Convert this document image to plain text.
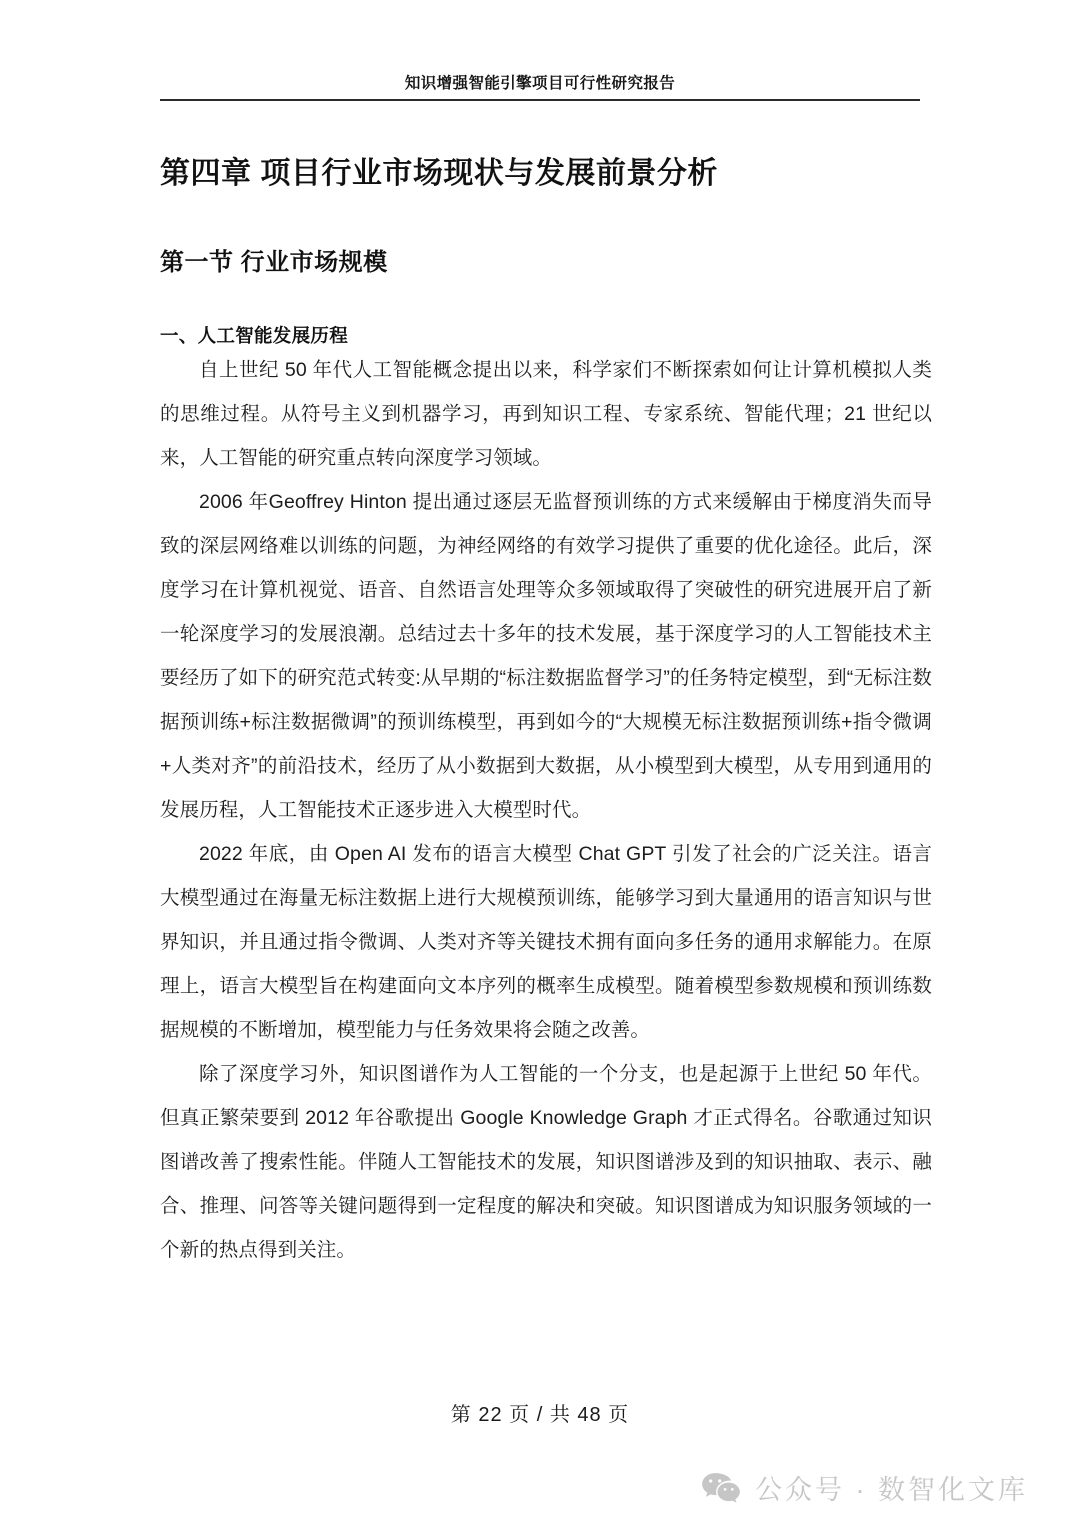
知识增强智能引擎项目可行性研究报告
第四章 项目行业市场现状与发展前景分析
第一节 行业市场规模
一、人工智能发展历程

自上世纪 50 年代人工智能概念提出以来，科学家们不断探索如何让计算机模拟人类的思维过程。从符号主义到机器学习，再到知识工程、专家系统、智能代理；21 世纪以来，人工智能的研究重点转向深度学习领域。

2006 年Geoffrey Hinton 提出通过逐层无监督预训练的方式来缓解由于梯度消失而导致的深层网络难以训练的问题，为神经网络的有效学习提供了重要的优化途径。此后，深度学习在计算机视觉、语音、自然语言处理等众多领域取得了突破性的研究进展开启了新一轮深度学习的发展浪潮。总结过去十多年的技术发展，基于深度学习的人工智能技术主要经历了如下的研究范式转变:从早期的“标注数据监督学习”的任务特定模型，到“无标注数据预训练+标注数据微调”的预训练模型，再到如今的“大规模无标注数据预训练+指令微调+人类对齐”的前沿技术，经历了从小数据到大数据，从小模型到大模型，从专用到通用的发展历程，人工智能技术正逐步进入大模型时代。

2022 年底，由 Open AI 发布的语言大模型 Chat GPT 引发了社会的广泛关注。语言大模型通过在海量无标注数据上进行大规模预训练，能够学习到大量通用的语言知识与世界知识，并且通过指令微调、人类对齐等关键技术拥有面向多任务的通用求解能力。在原理上，语言大模型旨在构建面向文本序列的概率生成模型。随着模型参数规模和预训练数据规模的不断增加，模型能力与任务效果将会随之改善。

除了深度学习外，知识图谱作为人工智能的一个分支，也是起源于上世纪 50 年代。但真正繁荣要到 2012 年谷歌提出 Google Knowledge Graph 才正式得名。谷歌通过知识图谱改善了搜索性能。伴随人工智能技术的发展，知识图谱涉及到的知识抽取、表示、融合、推理、问答等关键问题得到一定程度的解决和突破。知识图谱成为知识服务领域的一个新的热点得到关注。

第 22 页 / 共 48 页
公众号 · 数智化文库
